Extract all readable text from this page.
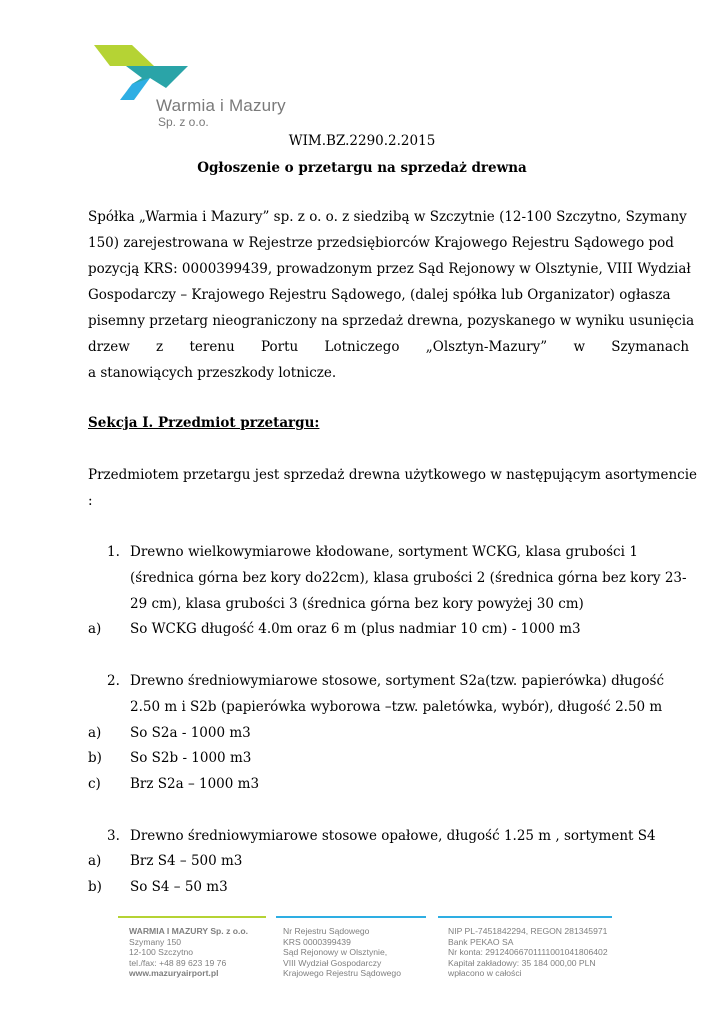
Warmia i Mazury
Sp. z o.o.
WIM.BZ.2290.2.2015
Ogłoszenie o przetargu na sprzedaż drewna
Spółka „Warmia i Mazury” sp. z o. o. z siedzibą w Szczytnie (12-100 Szczytno, Szymany
150) zarejestrowana w Rejestrze przedsiębiorców Krajowego Rejestru Sądowego pod
pozycją KRS: 0000399439, prowadzonym przez Sąd Rejonowy w Olsztynie, VIII Wydział
Gospodarczy – Krajowego Rejestru Sądowego, (dalej spółka lub Organizator) ogłasza
pisemny przetarg nieograniczony na sprzedaż drewna, pozyskanego w wyniku usunięcia
drzew z terenu Portu Lotniczego „Olsztyn-Mazury” w Szymanach
a stanowiących przeszkody lotnicze.
Sekcja I. Przedmiot przetargu:
Przedmiotem przetargu jest sprzedaż drewna użytkowego w następującym asortymencie
:
1. Drewno wielkowymiarowe kłodowane, sortyment WCKG, klasa grubości 1
(średnica górna bez kory do22cm), klasa grubości 2 (średnica górna bez kory 23-
29 cm), klasa grubości 3 (średnica górna bez kory powyżej 30 cm)
a) So WCKG długość 4.0m oraz 6 m (plus nadmiar 10 cm) - 1000 m3
2. Drewno średniowymiarowe stosowe, sortyment S2a(tzw. papierówka) długość
2.50 m i S2b (papierówka wyborowa –tzw. paletówka, wybór), długość 2.50 m
a) So S2a - 1000 m3
b) So S2b - 1000 m3
c) Brz S2a – 1000 m3
3. Drewno średniowymiarowe stosowe opałowe, długość 1.25 m , sortyment S4
a) Brz S4 – 500 m3
b) So S4 – 50 m3
WARMIA I MAZURY Sp. z o.o.
Szymany 150
12-100 Szczytno
tel./fax: +48 89 623 19 76
www.mazuryairport.pl
Nr Rejestru Sądowego
KRS 0000399439
Sąd Rejonowy w Olsztynie,
VIII Wydział Gospodarczy
Krajowego Rejestru Sądowego
NIP PL-7451842294, REGON 281345971
Bank PEKAO SA
Nr konta: 29124066701111001041806402
Kapitał zakładowy: 35 184 000,00 PLN
wpłacono w całości
